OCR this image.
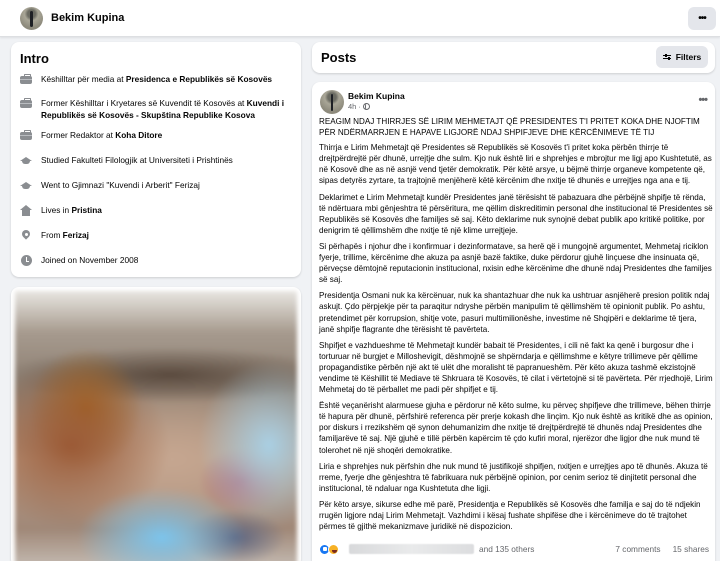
Bekim Kupina	•••
Intro
Këshilltar për media at Presidenca e Republikës së Kosovës
Former Këshilltar i Kryetares së Kuvendit të Kosovës at Kuvendi i Republikës së Kosovës - Skupština Republike Kosova
Former Redaktor at Koha Ditore
Studied Fakulteti Filologjik at Universiteti i Prishtinës
Went to Gjimnazi "Kuvendi i Arberit" Ferizaj
Lives in Pristina
From Ferizaj
Joined on November 2008
Posts	Filters
Bekim Kupina
4h ·
•••

REAGIM NDAJ THIRRJES SË LIRIM MEHMETAJT QË PRESIDENTES T'I PRITET KOKA DHE NJOFTIM PËR NDËRMARRJEN E HAPAVE LIGJORË NDAJ SHPIFJEVE DHE KËRCËNIMEVE TË TIJ

Thirrja e Lirim Mehmetajt që Presidentes së Republikës së Kosovës t'i pritet koka përbën thirrje të drejtpërdrejtë për dhunë, urrejtje dhe sulm. Kjo nuk është liri e shprehjes e mbrojtur me ligj apo Kushtetutë, as në Kosovë dhe as në asnjë vend tjetër demokratik. Për këtë arsye, u bëjmë thirrje organeve kompetente që, sipas detyrës zyrtare, ta trajtojnë menjëherë këtë kërcënim dhe nxitje të dhunës e urrejtjes nga ana e tij.

Deklarimet e Lirim Mehmetajt kundër Presidentes janë tërësisht të pabazuara dhe përbëjnë shpifje të rënda, të ndërtuara mbi gënjeshtra të përsëritura, me qëllim diskreditimin personal dhe institucional të Presidentes së Republikës së Kosovës dhe familjes së saj. Këto deklarime nuk synojnë debat publik apo kritikë politike, por denigrim të qëllimshëm dhe nxitje të një klime urrejtjeje.

Si përhapës i njohur dhe i konfirmuar i dezinformatave, sa herë që i mungojnë argumentet, Mehmetaj riciklon fyerje, trillime, kërcënime dhe akuza pa asnjë bazë faktike, duke përdorur gjuhë linçuese dhe insinuata që, përveçse dëmtojnë reputacionin institucional, nxisin edhe kërcënime dhe dhunë ndaj Presidentes dhe familjes së saj.

Presidentja Osmani nuk ka kërcënuar, nuk ka shantazhuar dhe nuk ka ushtruar asnjëherë presion politik ndaj askujt. Çdo përpjekje për ta paraqitur ndryshe përbën manipulim të qëllimshëm të opinionit publik. Po ashtu, pretendimet për korrupsion, shitje vote, pasuri multimilionëshe, investime në Shqipëri e deklarime të tjera, janë shpifje flagrante dhe tërësisht të pavërteta.

Shpifjet e vazhdueshme të Mehmetajt kundër babait të Presidentes, i cili në fakt ka qenë i burgosur dhe i torturuar në burgjet e Milloshevigit, dëshmojnë se shpërndarja e qëllimshme e këtyre trillimeve për qëllime propagandistike përbën një akt të ulët dhe moralisht të papranueshëm. Për këto akuza tashmë ekzistojnë vendime të Këshillit të Mediave të Shkruara të Kosovës, të cilat i vërtetojnë si të pavërteta. Për rrjedhojë, Lirim Mehmetaj do të përballet me padi për shpifjet e tij.

Është veçanërisht alarmuese gjuha e përdorur në këto sulme, ku përveç shpifjeve dhe trillimeve, bëhen thirrje të hapura për dhunë, përfshirë referenca për prerje kokash dhe linçim. Kjo nuk është as kritikë dhe as opinion, por diskurs i rrezikshëm që synon dehumanizim dhe nxitje të drejtpërdrejtë të dhunës ndaj Presidentes dhe familjarëve të saj. Një gjuhë e tillë përbën kapërcim të çdo kufiri moral, njerëzor dhe ligjor dhe nuk mund të tolerohet në një shoqëri demokratike.

Liria e shprehjes nuk përfshin dhe nuk mund të justifikojë shpifjen, nxitjen e urrejtjes apo të dhunës. Akuza të rreme, fyerje dhe gënjeshtra të fabrikuara nuk përbëjnë opinion, por cenim serioz të dinjitetit personal dhe institucional, të ndaluar nga Kushtetuta dhe ligji.

Për këto arsye, sikurse edhe më parë, Presidentja e Republikës së Kosovës dhe familja e saj do të ndjekin rrugën ligjore ndaj Lirim Mehmetajt. Vazhdimi i kësaj fushate shpifëse dhe i kërcënimeve do të trajtohet përmes të gjithë mekanizmave juridikë në dispozicion.

and 135 others	7 comments 15 shares
